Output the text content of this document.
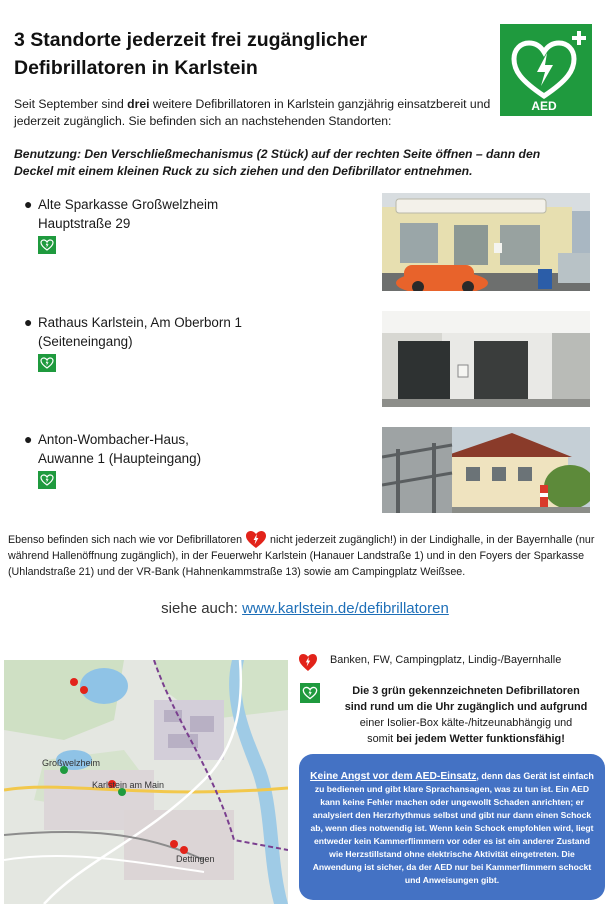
3 Standorte jederzeit frei zugänglicher
Defibrillatoren in Karlstein
AED
Seit September sind drei weitere Defibrillatoren in Karlstein ganzjährig einsatzbereit und jederzeit zugänglich. Sie befinden sich an nachstehenden Standorten:
Benutzung: Den Verschließmechanismus (2 Stück) auf der rechten Seite öffnen – dann den
Deckel mit einem kleinen Ruck zu sich ziehen und den Defibrillator entnehmen.
● Alte Sparkasse Großwelzheim
Hauptstraße 29
● Rathaus Karlstein, Am Oberborn 1
(Seiteneingang)
● Anton-Wombacher-Haus,
Auwanne 1 (Haupteingang)
Ebenso befinden sich nach wie vor Defibrillatoren  nicht jederzeit zugänglich!) in der Lindighalle, in der Bayernhalle (nur während Hallenöffnung zugänglich), in der Feuerwehr Karlstein (Hanauer Landstraße 1) und in den Foyers der Sparkasse (Uhlandstraße 21) und der VR-Bank (Hahnenkammstraße 13) sowie am Campingplatz Weißsee.
siehe auch: www.karlstein.de/defibrillatoren
Großwelzheim
Karlstein am Main
Dettingen
Banken, FW, Campingplatz, Lindig-/Bayernhalle
Die 3 grün gekennzeichneten Defibrillatoren
sind rund um die Uhr zugänglich und aufgrund
einer Isolier-Box kälte-/hitzeunabhängig und
somit bei jedem Wetter funktionsfähig!
Keine Angst vor dem AED-Einsatz, denn das Gerät ist einfach zu bedienen und gibt klare Sprachansagen, was zu tun ist. Ein AED kann keine Fehler machen oder ungewollt Schaden anrichten; er analysiert den Herzrhythmus selbst und gibt nur dann einen Schock ab, wenn dies notwendig ist. Wenn kein Schock empfohlen wird, liegt entweder kein Kammerflimmern vor oder es ist ein anderer Zustand wie Herzstillstand ohne elektrische Aktivität eingetreten. Die Anwendung ist sicher, da der AED nur bei Kammerflimmern schockt und Anweisungen gibt.
